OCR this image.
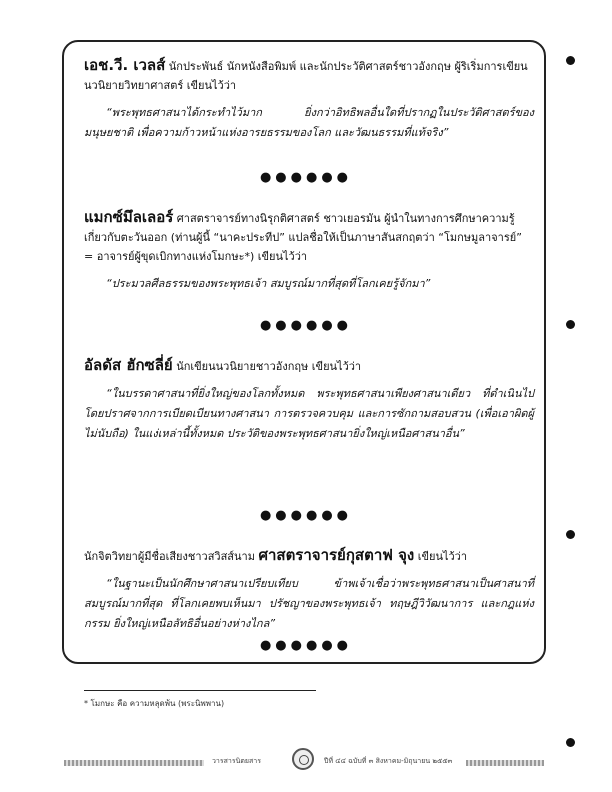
เอช.วี. เวลส์ นักประพันธ์ นักหนังสือพิมพ์ และนักประวัติศาสตร์ชาวอังกฤษ ผู้ริเริ่มการเขียนนวนิยายวิทยาศาสตร์ เขียนไว้ว่า

“พระพุทธศาสนาได้กระทำไว้มาก ยิ่งกว่าอิทธิพลอื่นใดที่ปรากฏในประวัติศาสตร์ของมนุษยชาติ เพื่อความก้าวหน้าแห่งอารยธรรมของโลก และวัฒนธรรมที่แท้จริง”

●●●●●●

แมกซ์มึลเลอร์ ศาสตราจารย์ทางนิรุกติศาสตร์ ชาวเยอรมัน ผู้นำในทางการศึกษาความรู้เกี่ยวกับตะวันออก (ท่านผู้นี้ “นาคะประทีป” แปลชื่อให้เป็นภาษาสันสกฤตว่า “โมกษมูลาจารย์” = อาจารย์ผู้ขุดเบิกทางแห่งโมกษะ*) เขียนไว้ว่า

“ประมวลศีลธรรมของพระพุทธเจ้า สมบูรณ์มากที่สุดที่โลกเคยรู้จักมา”

●●●●●●

อัลดัส ฮักซลี่ย์ นักเขียนนวนิยายชาวอังกฤษ เขียนไว้ว่า

“ในบรรดาศาสนาที่ยิ่งใหญ่ของโลกทั้งหมด พระพุทธศาสนาเพียงศาสนาเดียว ที่ดำเนินไปโดยปราศจากการเบียดเบียนทางศาสนา การตรวจควบคุม และการซักถามสอบสวน (เพื่อเอาผิดผู้ไม่นับถือ) ในแง่เหล่านี้ทั้งหมด ประวัติของพระพุทธศาสนายิ่งใหญ่เหนือศาสนาอื่น”

●●●●●●

นักจิตวิทยาผู้มีชื่อเสียงชาวสวิสส์นาม ศาสตราจารย์กุสตาฟ จุง เขียนไว้ว่า

“ในฐานะเป็นนักศึกษาศาสนาเปรียบเทียบ ข้าพเจ้าเชื่อว่าพระพุทธศาสนาเป็นศาสนาที่สมบูรณ์มากที่สุด ที่โลกเคยพบเห็นมา ปรัชญาของพระพุทธเจ้า ทฤษฎีวิวัฒนาการ และกฎแห่งกรรม ยิ่งใหญ่เหนือลัทธิอื่นอย่างห่างไกล”

●●●●●●
* โมกษะ คือ ความหลุดพ้น (พระนิพพาน)
วารสารนิตยสาร	ปีที่ ๔๔ ฉบับที่ ๓ สิงหาคม-มิถุนายน ๒๕๕๓
